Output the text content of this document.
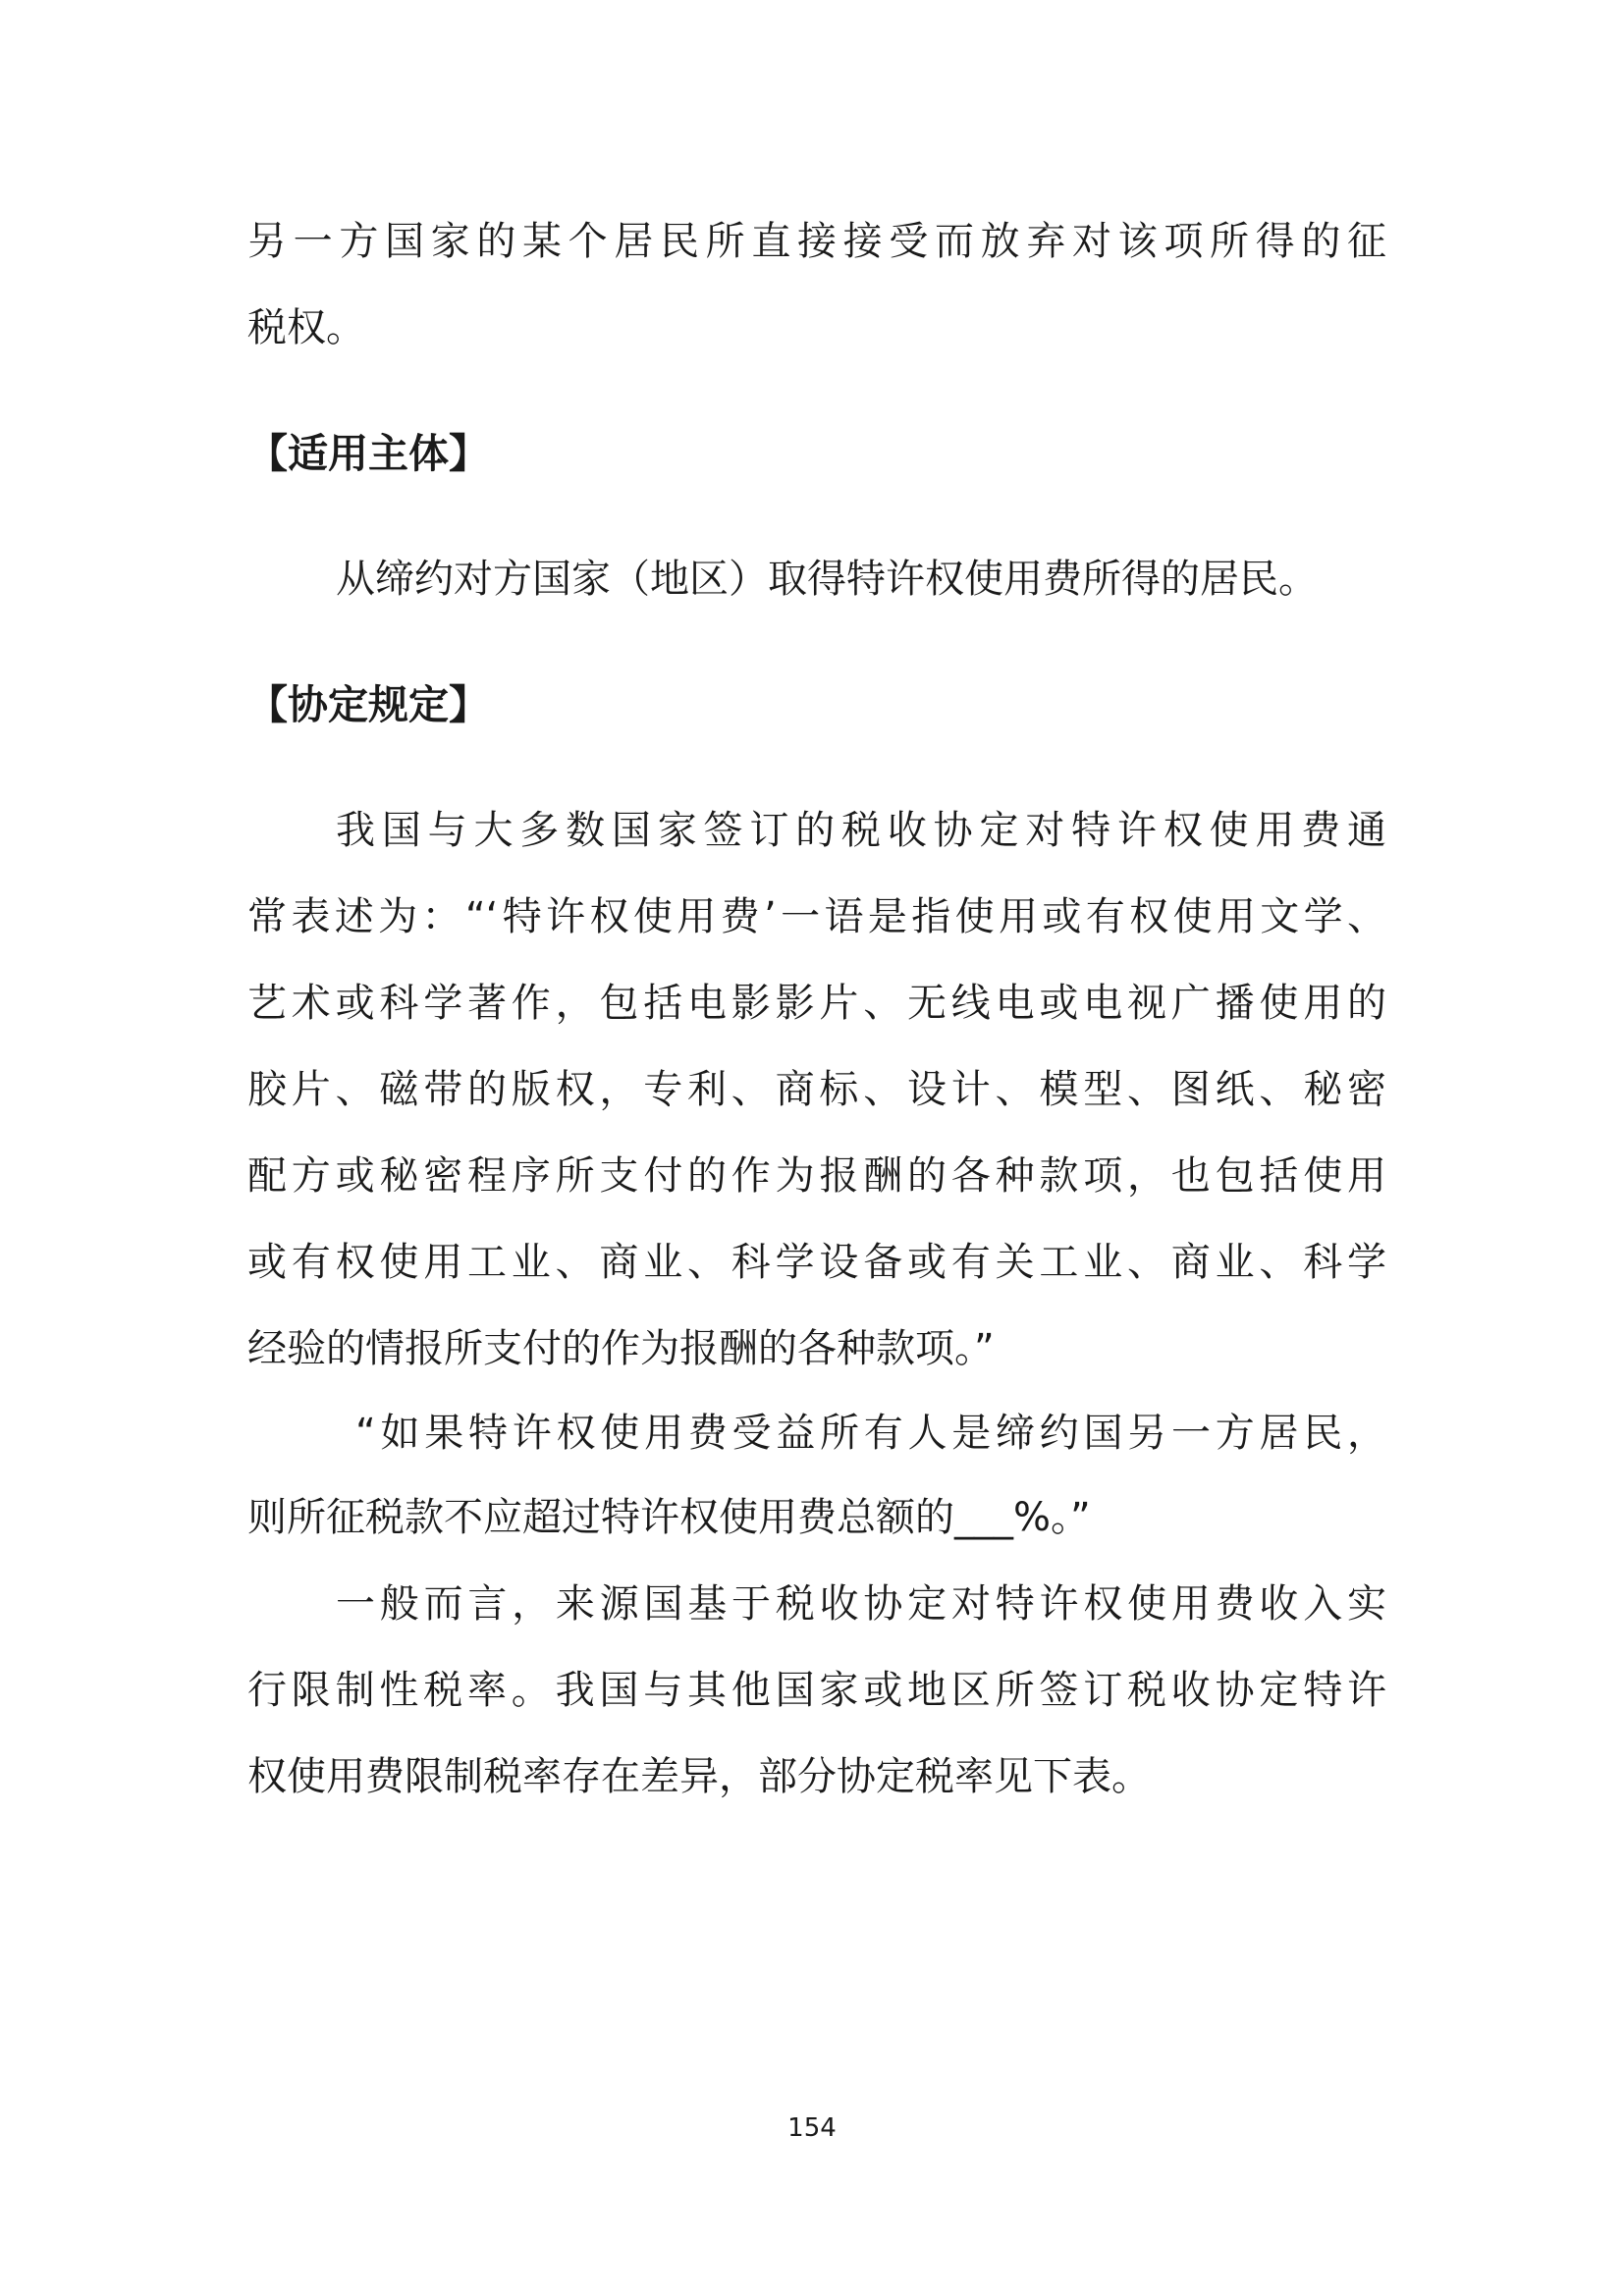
另一方国家的某个居民所直接接受而放弃对该项所得的征
税权。
【适用主体】
从缔约对方国家（地区）取得特许权使用费所得的居民。
【协定规定】
我国与大多数国家签订的税收协定对特许权使用费通
常表述为：“‘特许权使用费’一语是指使用或有权使用文学、
艺术或科学著作，包括电影影片、无线电或电视广播使用的
胶片、磁带的版权，专利、商标、设计、模型、图纸、秘密
配方或秘密程序所支付的作为报酬的各种款项，也包括使用
或有权使用工业、商业、科学设备或有关工业、商业、科学
经验的情报所支付的作为报酬的各种款项。”
“如果特许权使用费受益所有人是缔约国另一方居民，
则所征税款不应超过特许权使用费总额的___%。”
一般而言，来源国基于税收协定对特许权使用费收入实
行限制性税率。我国与其他国家或地区所签订税收协定特许
权使用费限制税率存在差异，部分协定税率见下表。
154
